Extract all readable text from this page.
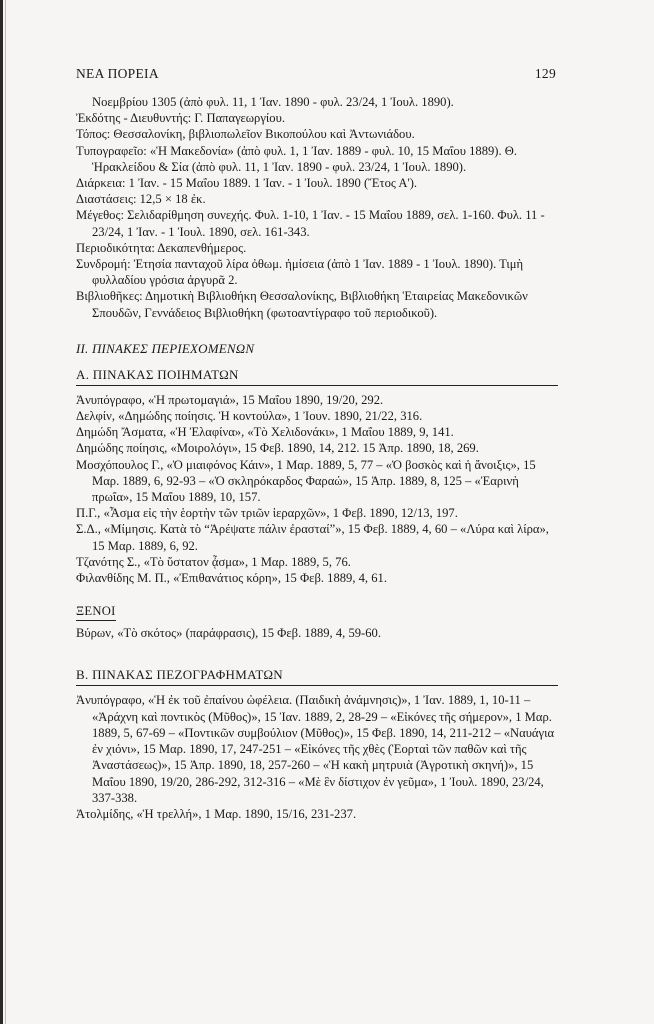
ΝΕΑ ΠΟΡΕΙΑ	129

Νοεμβρίου 1305 (ἀπὸ φυλ. 11, 1 Ἰαν. 1890 - φυλ. 23/24, 1 Ἰουλ. 1890).

Ἐκδότης - Διευθυντής: Γ. Παπαγεωργίου.

Τόπος: Θεσσαλονίκη, βιβλιοπωλεῖον Βικοπούλου καὶ Ἀντωνιάδου.

Τυπογραφεῖο: «Ἡ Μακεδονία» (ἀπὸ φυλ. 1, 1 Ἰαν. 1889 - φυλ. 10, 15 Μαΐου 1889). Θ. Ἡρακλείδου & Σία (ἀπὸ φυλ. 11, 1 Ἰαν. 1890 - φυλ. 23/24, 1 Ἰουλ. 1890).

Διάρκεια: 1 Ἰαν. - 15 Μαΐου 1889. 1 Ἰαν. - 1 Ἰουλ. 1890 (Ἔτος Α').

Διαστάσεις: 12,5 × 18 ἐκ.

Μέγεθος: Σελιδαρίθμηση συνεχής. Φυλ. 1-10, 1 Ἰαν. - 15 Μαΐου 1889, σελ. 1-160. Φυλ. 11 - 23/24, 1 Ἰαν. - 1 Ἰουλ. 1890, σελ. 161-343.

Περιοδικότητα: Δεκαπενθήμερος.

Συνδρομή: Ἐτησία πανταχοῦ λίρα ὀθωμ. ἡμίσεια (ἀπὸ 1 Ἰαν. 1889 - 1 Ἰουλ. 1890). Τιμὴ φυλλαδίου γρόσια ἀργυρᾶ 2.

Βιβλιοθῆκες: Δημοτικὴ Βιβλιοθήκη Θεσσαλονίκης, Βιβλιοθήκη Ἑταιρείας Μακεδονικῶν Σπουδῶν, Γεννάδειος Βιβλιοθήκη (φωτοαντίγραφο τοῦ περιοδικοῦ).

II. ΠΙΝΑΚΕΣ ΠΕΡΙΕΧΟΜΕΝΩΝ

Α. ΠΙΝΑΚΑΣ ΠΟΙΗΜΑΤΩΝ

Ἀνυπόγραφο, «Ἡ πρωτομαγιά», 15 Μαΐου 1890, 19/20, 292.

Δελφίν, «Δημώδης ποίησις. Ἡ κοντούλα», 1 Ἰουν. 1890, 21/22, 316.

Δημώδη Ἄσματα, «Ἡ Ἐλαφίνα», «Τὸ Χελιδονάκι», 1 Μαΐου 1889, 9, 141.

Δημώδης ποίησις, «Μοιρολόγι», 15 Φεβ. 1890, 14, 212. 15 Ἀπρ. 1890, 18, 269.

Μοσχόπουλος Γ., «Ὁ μιαιφόνος Κάιν», 1 Μαρ. 1889, 5, 77 – «Ὁ βοσκὸς καὶ ἡ ἄνοιξις», 15 Μαρ. 1889, 6, 92-93 – «Ὁ σκληρόκαρδος Φαραώ», 15 Ἀπρ. 1889, 8, 125 – «Ἐαρινὴ πρωΐα», 15 Μαΐου 1889, 10, 157.

Π.Γ., «Ἆσμα εἰς τὴν ἑορτὴν τῶν τριῶν ἱεραρχῶν», 1 Φεβ. 1890, 12/13, 197.

Σ.Δ., «Μίμησις. Κατὰ τὸ “Ἀρέψατε πάλιν ἐρασταί”», 15 Φεβ. 1889, 4, 60 – «Λύρα καὶ λίρα», 15 Μαρ. 1889, 6, 92.

Τζανότης Σ., «Τὸ ὕστατον ᾆσμα», 1 Μαρ. 1889, 5, 76.

Φιλανθίδης Μ. Π., «Ἐπιθανάτιος κόρη», 15 Φεβ. 1889, 4, 61.

ΞΕΝΟΙ

Βύρων, «Τὸ σκότος» (παράφρασις), 15 Φεβ. 1889, 4, 59-60.

Β. ΠΙΝΑΚΑΣ ΠΕΖΟΓΡΑΦΗΜΑΤΩΝ

Ἀνυπόγραφο, «Ἡ ἐκ τοῦ ἐπαίνου ὠφέλεια. (Παιδικὴ ἀνάμνησις)», 1 Ἰαν. 1889, 1, 10-11 – «Ἀράχνη καὶ ποντικὸς (Μῦθος)», 15 Ἰαν. 1889, 2, 28-29 – «Εἰκόνες τῆς σήμερον», 1 Μαρ. 1889, 5, 67-69 – «Ποντικῶν συμβούλιον (Μῦθος)», 15 Φεβ. 1890, 14, 211-212 – «Ναυάγια ἐν χιόνι», 15 Μαρ. 1890, 17, 247-251 – «Εἰκόνες τῆς χθὲς (Ἑορταὶ τῶν παθῶν καὶ τῆς Ἀναστάσεως)», 15 Ἀπρ. 1890, 18, 257-260 – «Ἡ κακὴ μητρυιὰ (Ἀγροτικὴ σκηνή)», 15 Μαΐου 1890, 19/20, 286-292, 312-316 – «Μὲ ἓν δίστιχον ἐν γεῦμα», 1 Ἰουλ. 1890, 23/24, 337-338.

Ἀτολμίδης, «Ἡ τρελλή», 1 Μαρ. 1890, 15/16, 231-237.
